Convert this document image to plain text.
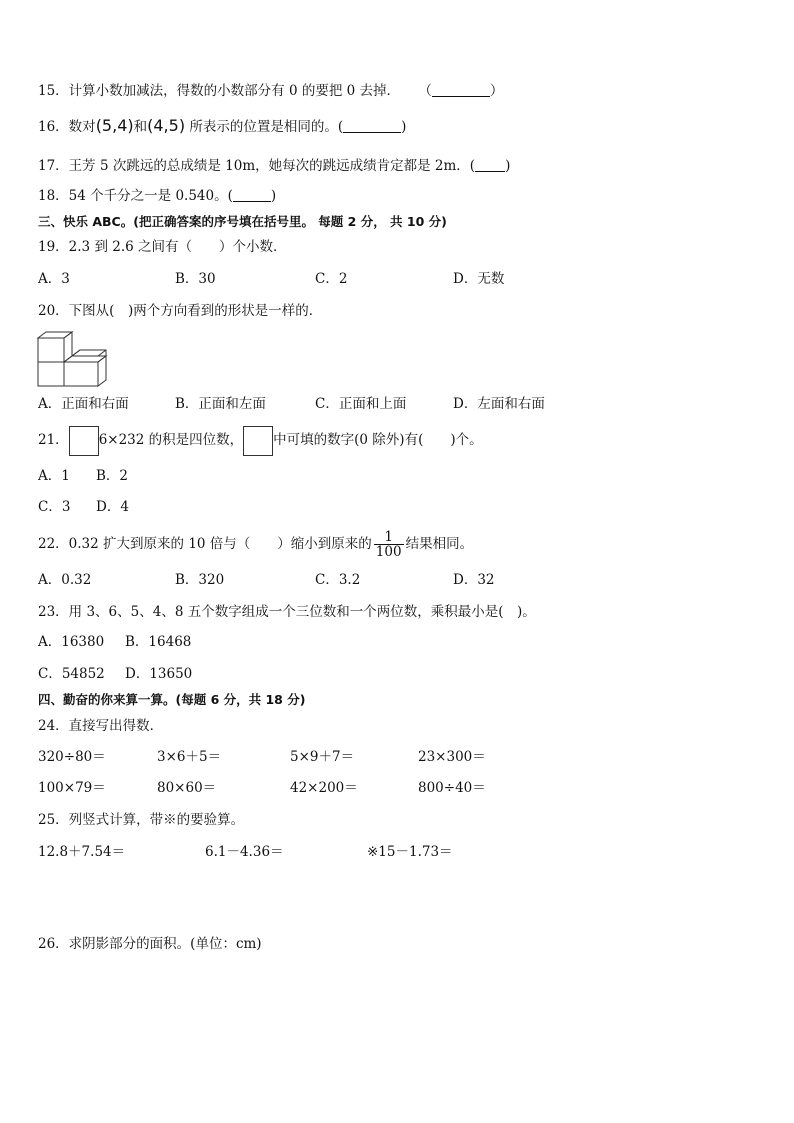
15．计算小数加减法，得数的小数部分有 0 的要把 0 去掉． （	）
16．数对(5,4)和(4,5) 所表示的位置是相同的。(	)
17．王芳 5 次跳远的总成绩是 10m，她每次的跳远成绩肯定都是 2m．( )
18．54 个千分之一是 0.540。(	)
三、快乐 ABC。(把正确答案的序号填在括号里。 每题 2 分， 共 10 分)
19．2.3 到 2.6 之间有（　　）个小数．
A．3	B．30	C．2	D．无数
20．下图从(　)两个方向看到的形状是一样的．
A．正面和右面	B．正面和左面	C．正面和上面	D．左面和右面
21． 6×232 的积是四位数， 中可填的数字(0 除外)有(　　)个。
A．1 B．2
C．3 D．4
22．0.32 扩大到原来的 10 倍与（　　）缩小到原来的 $\frac{1}{100}$ 结果相同。
A．0.32	B．320	C．3.2	D．32
23．用 3、6、5、4、8 五个数字组成一个三位数和一个两位数，乘积最小是(　)。
A．16380 B．16468
C．54852 D．13650
四、勤奋的你来算一算。(每题 6 分，共 18 分)
24．直接写出得数．
320÷80＝	3×6＋5＝	5×9＋7＝	23×300＝
100×79＝	80×60＝	42×200＝	800÷40＝
25．列竖式计算，带※的要验算。
12.8＋7.54＝	6.1－4.36＝	※15－1.73＝
26．求阴影部分的面积。(单位：cm)
